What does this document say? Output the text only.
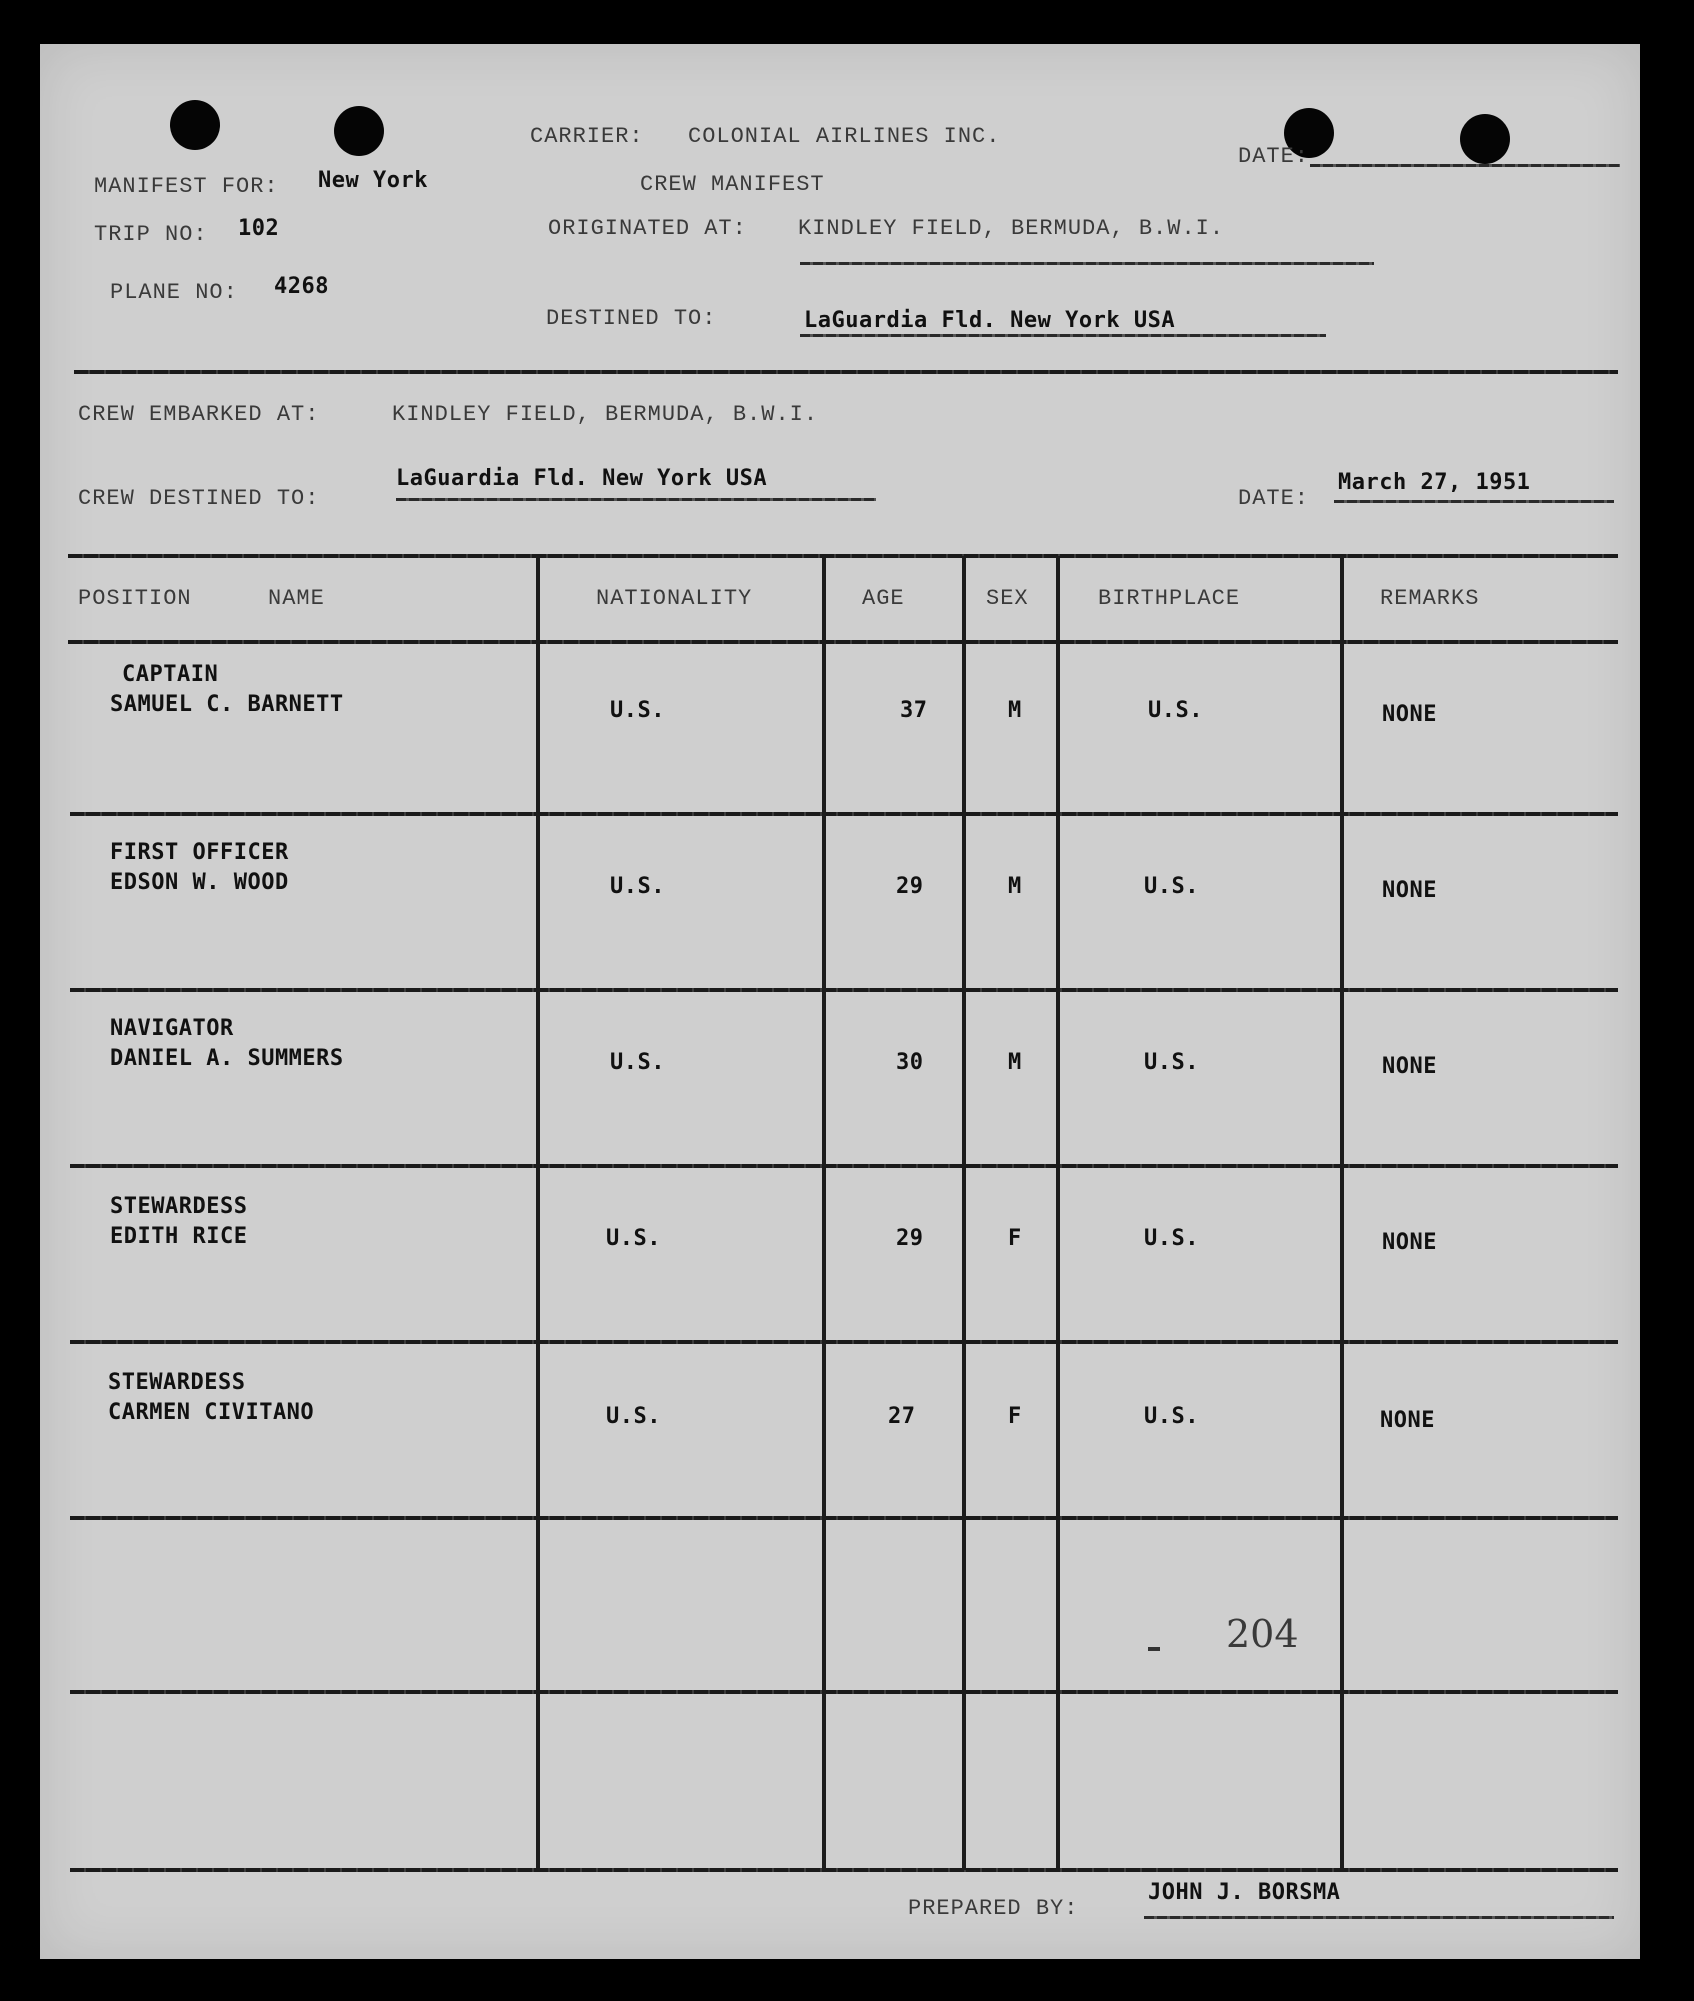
CARRIER: COLONIAL AIRLINES INC.
DATE:
MANIFEST FOR: New York	CREW MANIFEST
TRIP NO: 102	ORIGINATED AT: KINDLEY FIELD, BERMUDA, B.W.I.
PLANE NO: 4268
DESTINED TO:	LaGuardia Fld. New York USA
CREW EMBARKED AT:	KINDLEY FIELD, BERMUDA, B.W.I.
CREW DESTINED TO:
LaGuardia Fld. New York USA
DATE:
March 27, 1951
POSITION	NAME	NATIONALITY	AGE	SEX	BIRTHPLACE	REMARKS
CAPTAIN
SAMUEL C. BARNETT	U.S.	37	M	U.S.	NONE
FIRST OFFICER
EDSON W. WOOD	U.S.	29	M	U.S.	NONE
NAVIGATOR
DANIEL A. SUMMERS	U.S.	30	M	U.S.	NONE
STEWARDESS
EDITH RICE	U.S.	29	F	U.S.	NONE
STEWARDESS
CARMEN CIVITANO	U.S.	27	F	U.S.	NONE
204
PREPARED BY:
JOHN J. BORSMA
